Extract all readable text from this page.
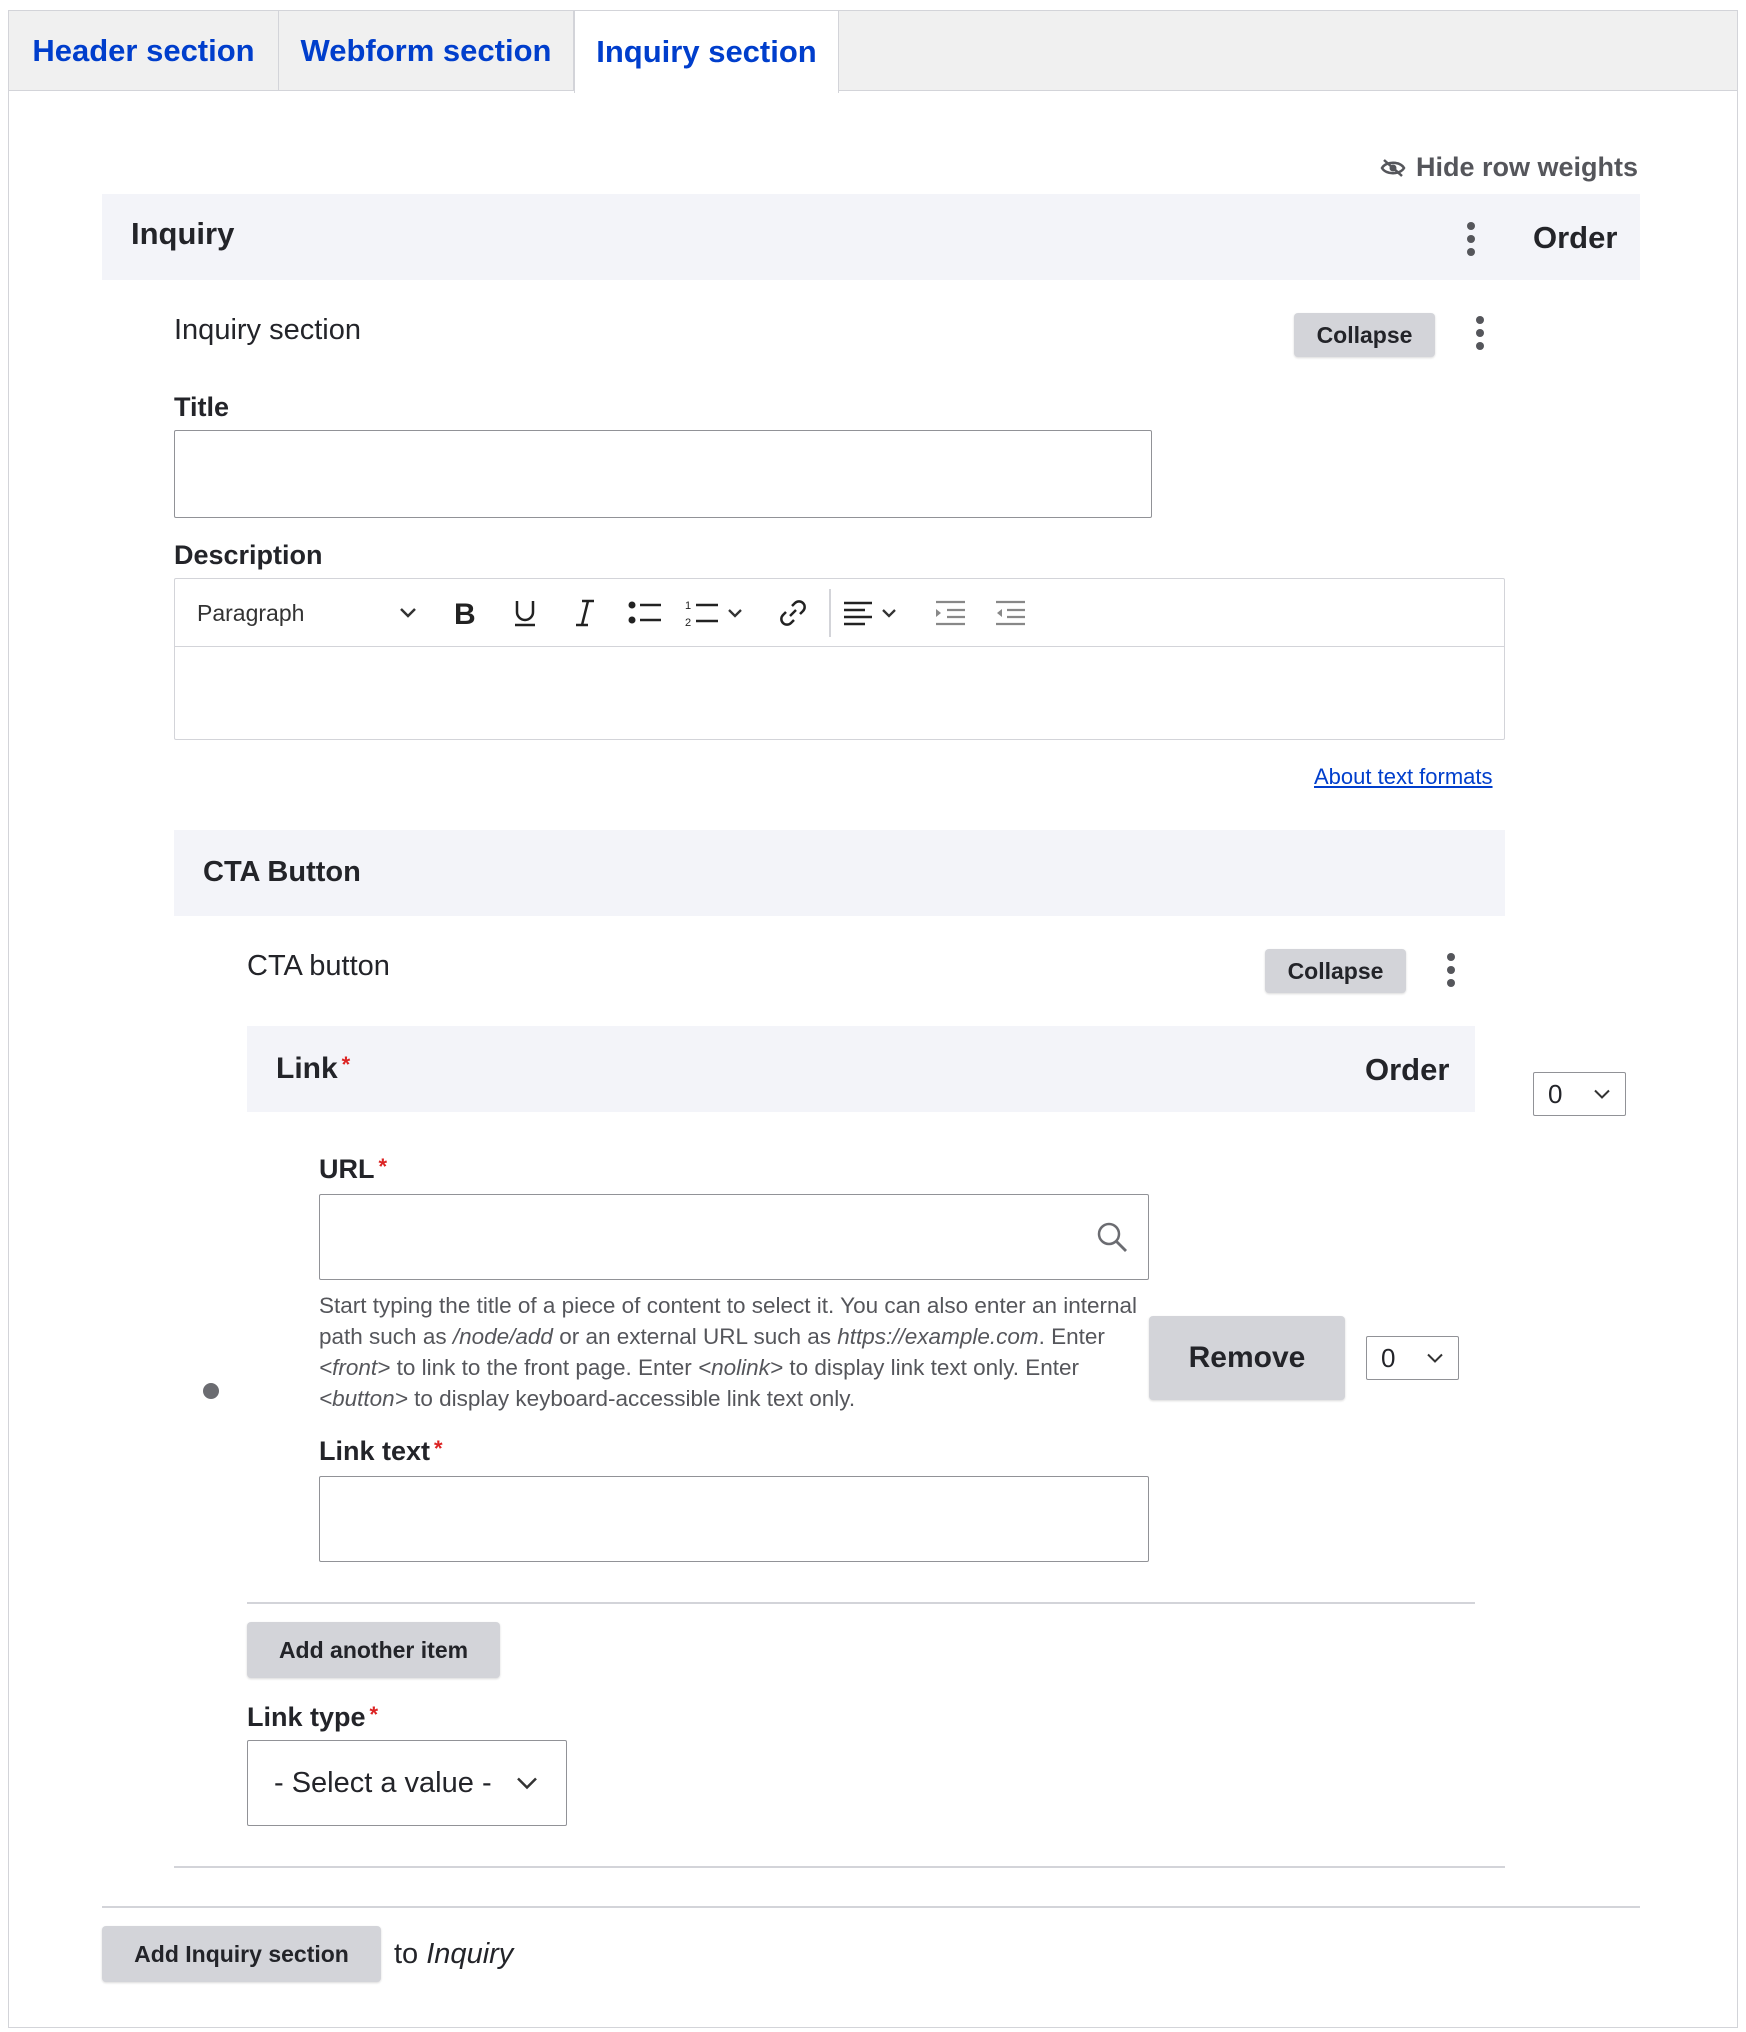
Header section	Webform section	Inquiry section
Hide row weights
Inquiry	Order
Inquiry section	Collapse
Title
Description
Paragraph	B	1
2
About text formats
CTA Button
CTA button	Collapse
Link *	Order
0
URL *
Start typing the title of a piece of content to select it. You can also enter an internal path such as /node/add or an external URL such as https://example.com. Enter <front> to link to the front page. Enter <nolink> to display link text only. Enter <button> to display keyboard-accessible link text only.
Remove	0
Link text *
Add another item
Link type *
- Select a value -
Add Inquiry section	to Inquiry
